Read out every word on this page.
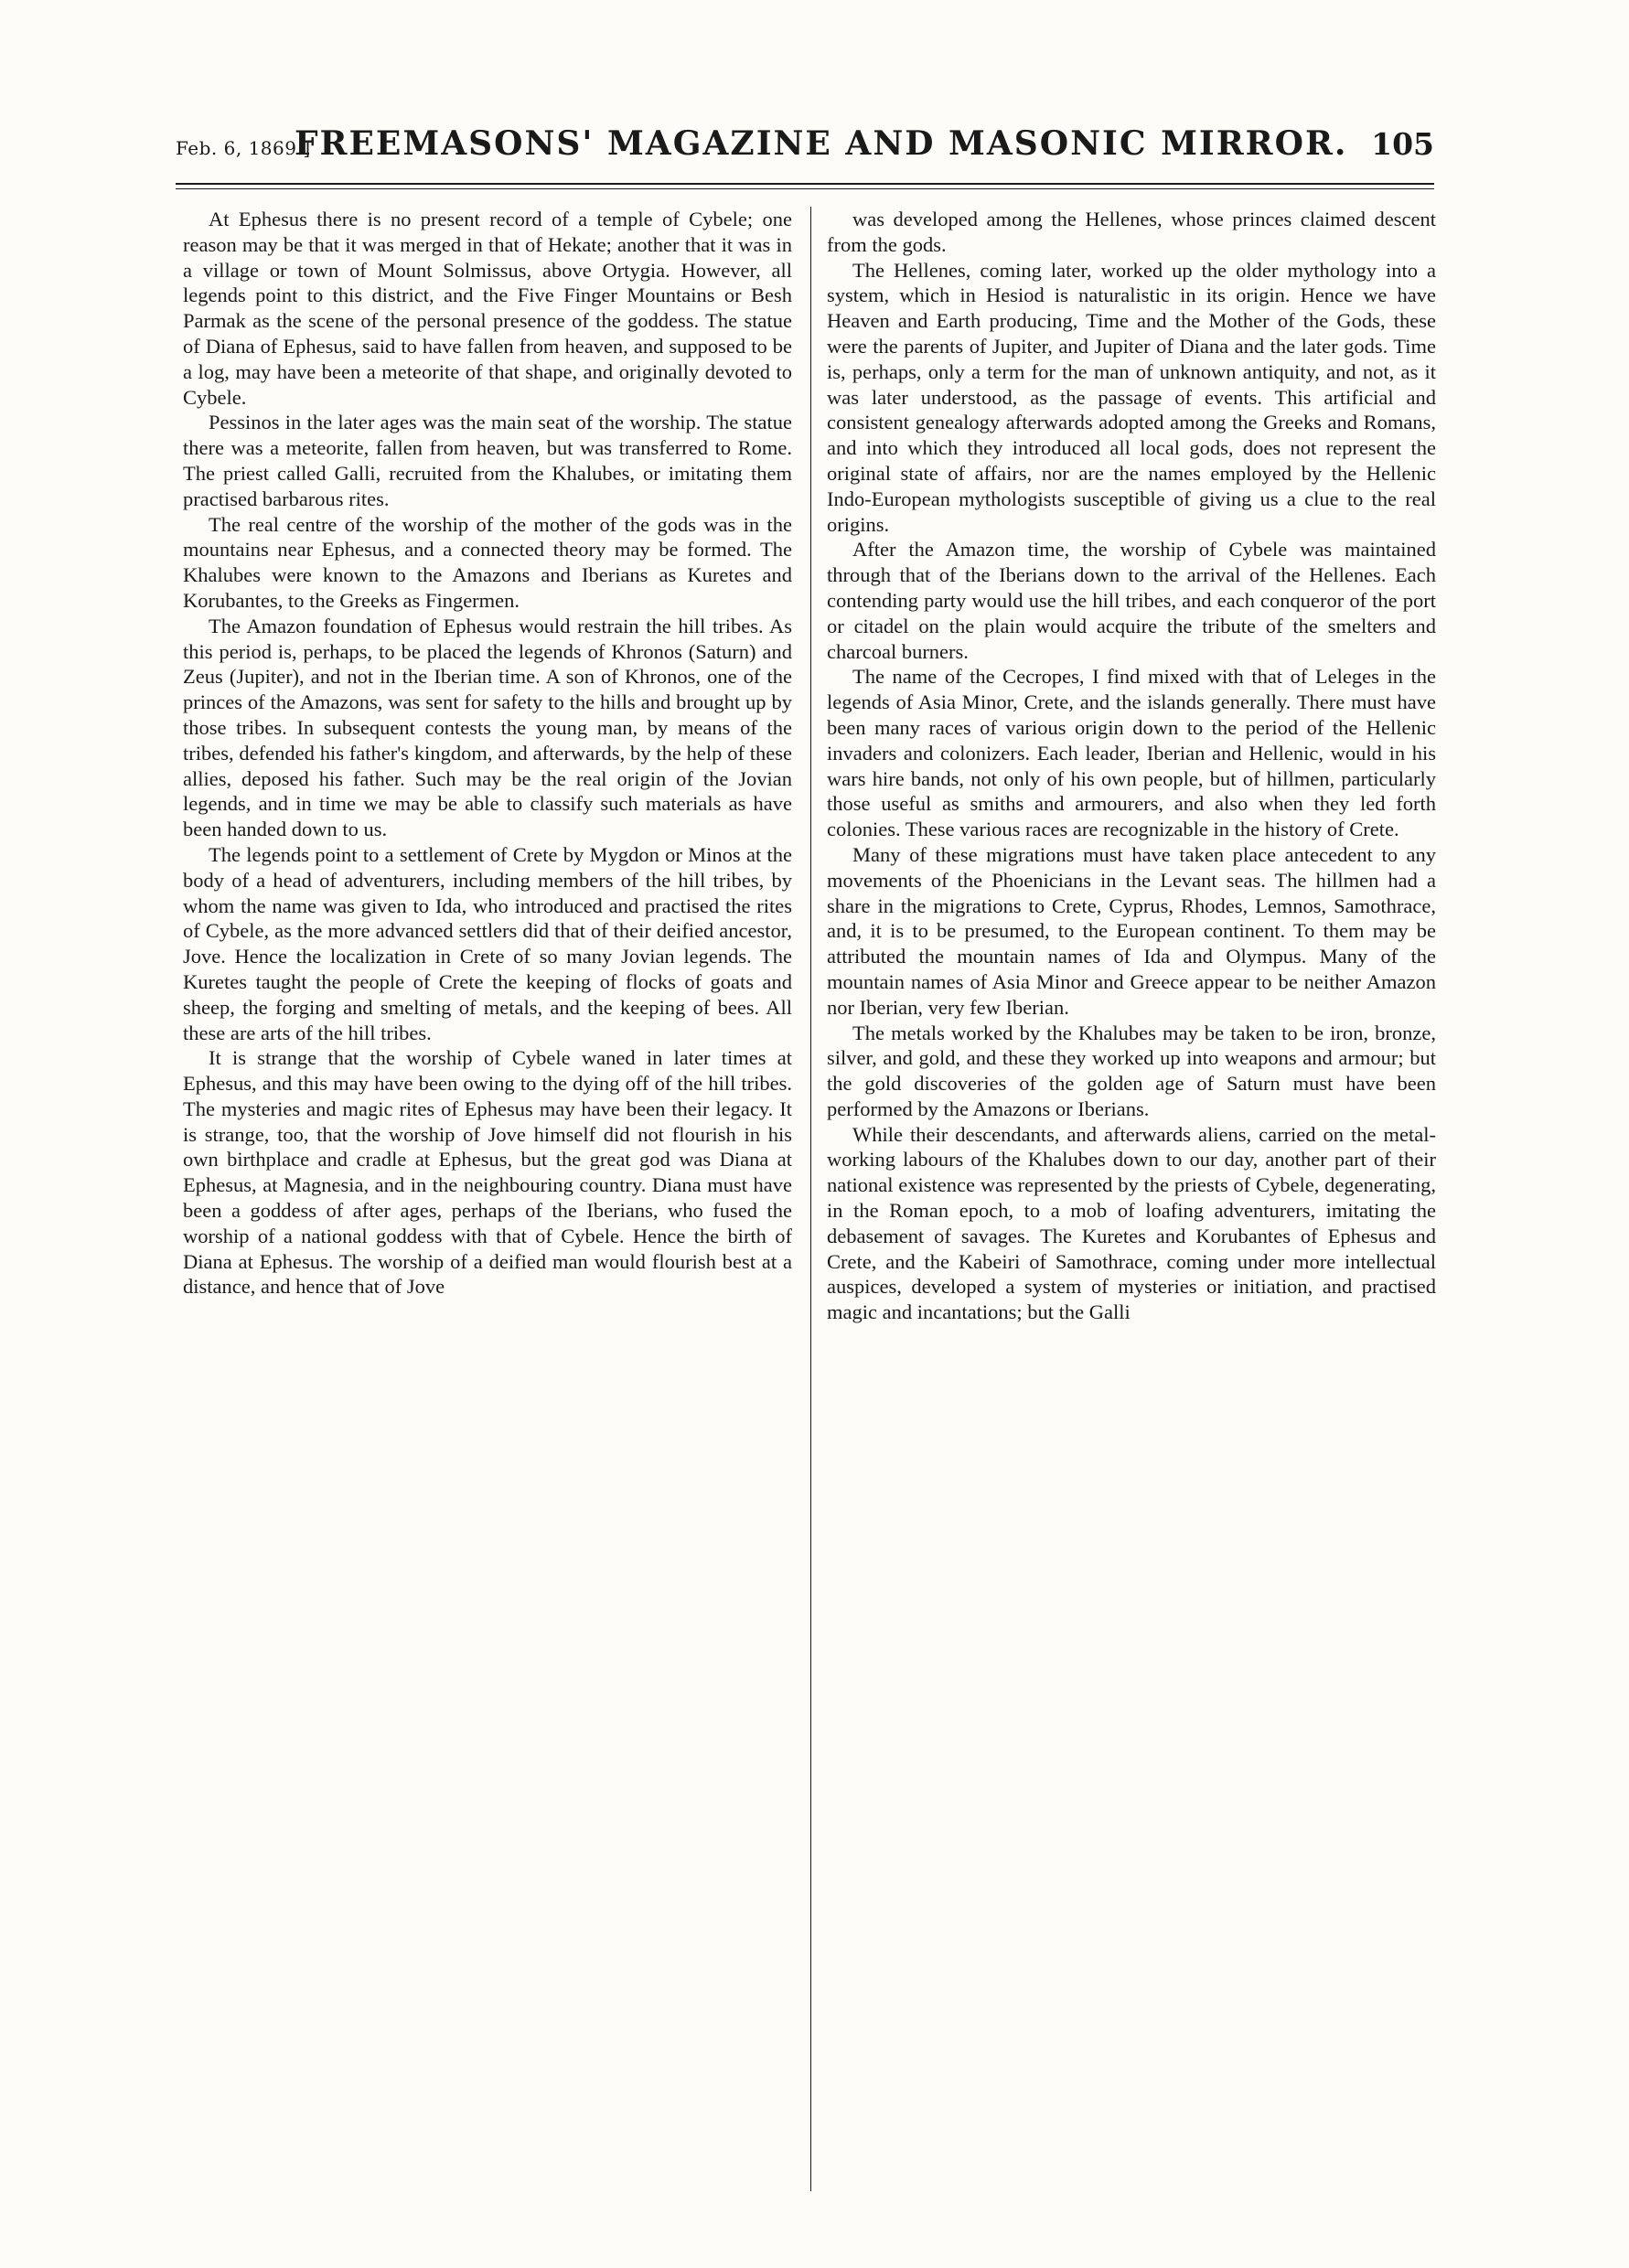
Feb. 6, 1869.]
FREEMASONS' MAGAZINE AND MASONIC MIRROR. 105

At Ephesus there is no present record of a temple of Cybele; one reason may be that it was merged in that of Hekate; another that it was in a village or town of Mount Solmissus, above Ortygia. However, all legends point to this district, and the Five Finger Mountains or Besh Parmak as the scene of the personal presence of the goddess. The statue of Diana of Ephesus, said to have fallen from heaven, and supposed to be a log, may have been a meteorite of that shape, and originally devoted to Cybele.

Pessinos in the later ages was the main seat of the worship. The statue there was a meteorite, fallen from heaven, but was transferred to Rome. The priest called Galli, recruited from the Khalubes, or imitating them practised barbarous rites.

The real centre of the worship of the mother of the gods was in the mountains near Ephesus, and a connected theory may be formed. The Khalubes were known to the Amazons and Iberians as Kuretes and Korubantes, to the Greeks as Fingermen.

The Amazon foundation of Ephesus would restrain the hill tribes. As this period is, perhaps, to be placed the legends of Khronos (Saturn) and Zeus (Jupiter), and not in the Iberian time. A son of Khronos, one of the princes of the Amazons, was sent for safety to the hills and brought up by those tribes. In subsequent contests the young man, by means of the tribes, defended his father's kingdom, and afterwards, by the help of these allies, deposed his father. Such may be the real origin of the Jovian legends, and in time we may be able to classify such materials as have been handed down to us.

The legends point to a settlement of Crete by Mygdon or Minos at the body of a head of adventurers, including members of the hill tribes, by whom the name was given to Ida, who introduced and practised the rites of Cybele, as the more advanced settlers did that of their deified ancestor, Jove. Hence the localization in Crete of so many Jovian legends. The Kuretes taught the people of Crete the keeping of flocks of goats and sheep, the forging and smelting of metals, and the keeping of bees. All these are arts of the hill tribes.

It is strange that the worship of Cybele waned in later times at Ephesus, and this may have been owing to the dying off of the hill tribes. The mysteries and magic rites of Ephesus may have been their legacy. It is strange, too, that the worship of Jove himself did not flourish in his own birthplace and cradle at Ephesus, but the great god was Diana at Ephesus, at Magnesia, and in the neighbouring country. Diana must have been a goddess of after ages, perhaps of the Iberians, who fused the worship of a national goddess with that of Cybele. Hence the birth of Diana at Ephesus. The worship of a deified man would flourish best at a distance, and hence that of Jove

was developed among the Hellenes, whose princes claimed descent from the gods.

The Hellenes, coming later, worked up the older mythology into a system, which in Hesiod is naturalistic in its origin. Hence we have Heaven and Earth producing, Time and the Mother of the Gods, these were the parents of Jupiter, and Jupiter of Diana and the later gods. Time is, perhaps, only a term for the man of unknown antiquity, and not, as it was later understood, as the passage of events. This artificial and consistent genealogy afterwards adopted among the Greeks and Romans, and into which they introduced all local gods, does not represent the original state of affairs, nor are the names employed by the Hellenic Indo-European mythologists susceptible of giving us a clue to the real origins.

After the Amazon time, the worship of Cybele was maintained through that of the Iberians down to the arrival of the Hellenes. Each contending party would use the hill tribes, and each conqueror of the port or citadel on the plain would acquire the tribute of the smelters and charcoal burners.

The name of the Cecropes, I find mixed with that of Leleges in the legends of Asia Minor, Crete, and the islands generally. There must have been many races of various origin down to the period of the Hellenic invaders and colonizers. Each leader, Iberian and Hellenic, would in his wars hire bands, not only of his own people, but of hillmen, particularly those useful as smiths and armourers, and also when they led forth colonies. These various races are recognizable in the history of Crete.

Many of these migrations must have taken place antecedent to any movements of the Phoenicians in the Levant seas. The hillmen had a share in the migrations to Crete, Cyprus, Rhodes, Lemnos, Samothrace, and, it is to be presumed, to the European continent. To them may be attributed the mountain names of Ida and Olympus. Many of the mountain names of Asia Minor and Greece appear to be neither Amazon nor Iberian, very few Iberian.

The metals worked by the Khalubes may be taken to be iron, bronze, silver, and gold, and these they worked up into weapons and armour; but the gold discoveries of the golden age of Saturn must have been performed by the Amazons or Iberians.

While their descendants, and afterwards aliens, carried on the metal-working labours of the Khalubes down to our day, another part of their national existence was represented by the priests of Cybele, degenerating, in the Roman epoch, to a mob of loafing adventurers, imitating the debasement of savages. The Kuretes and Korubantes of Ephesus and Crete, and the Kabeiri of Samothrace, coming under more intellectual auspices, developed a system of mysteries or initiation, and practised magic and incantations; but the Galli
